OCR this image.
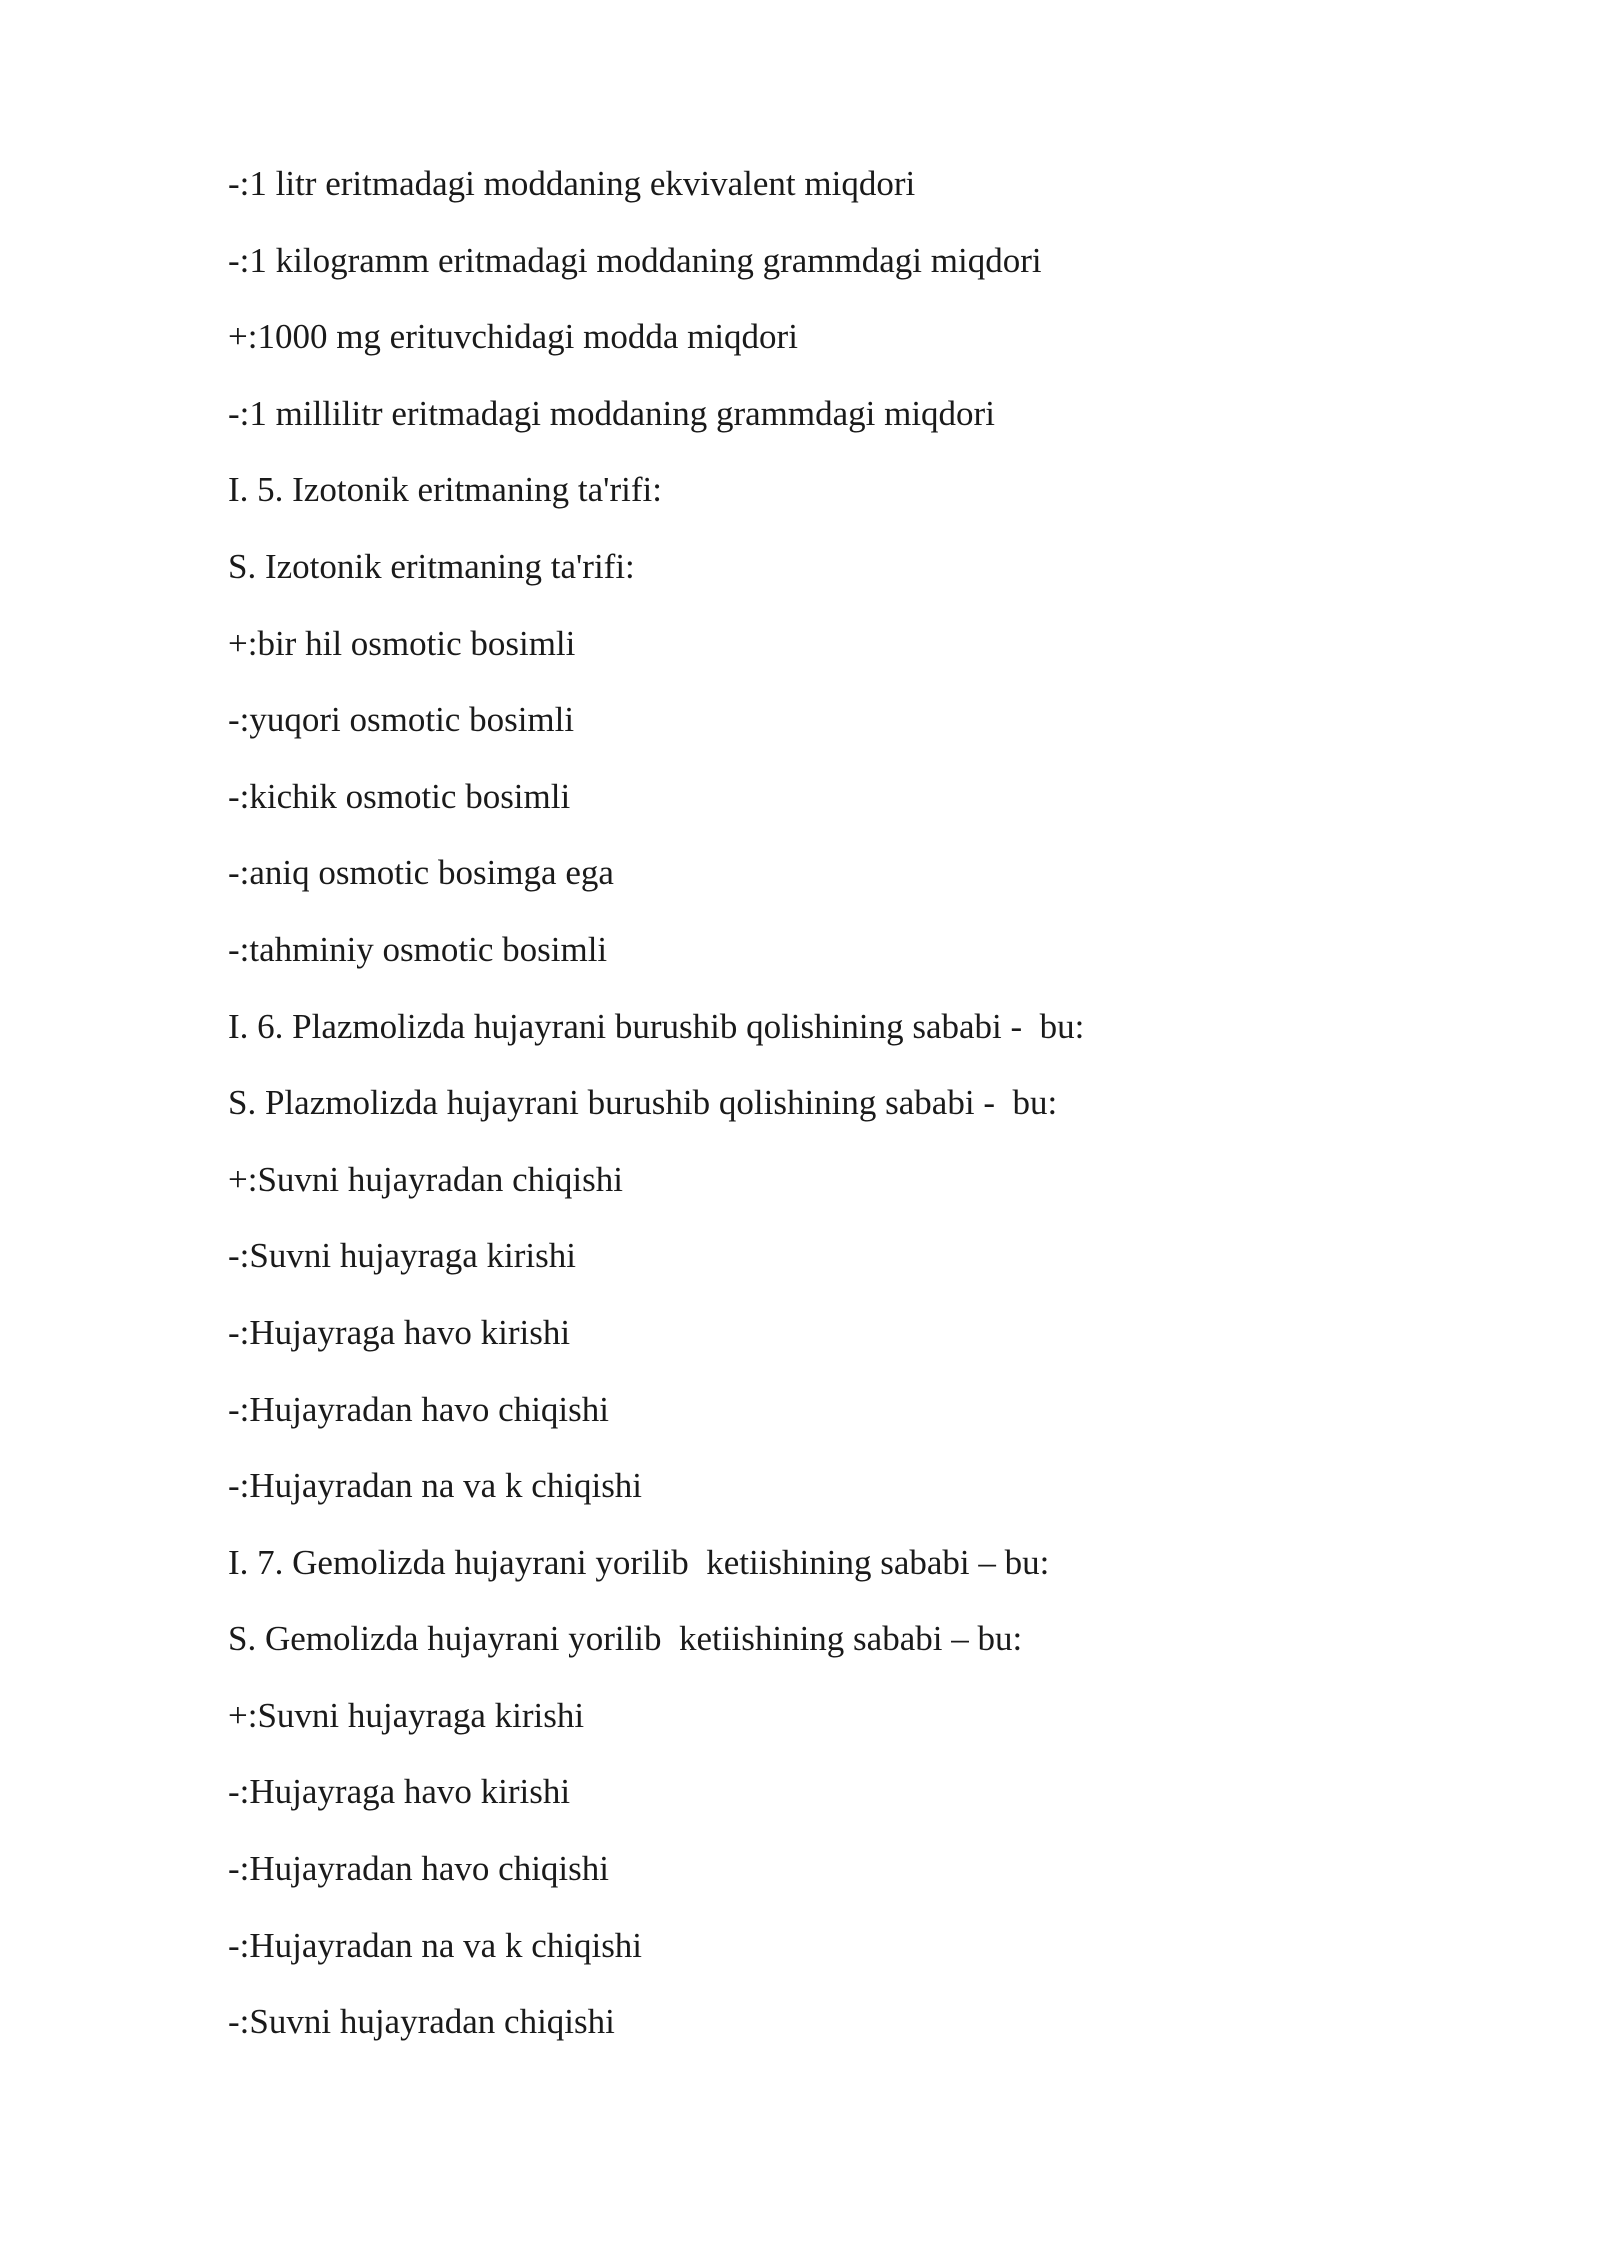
-:1 litr eritmadagi moddaning ekvivalent miqdori

-:1 kilogramm eritmadagi moddaning grammdagi miqdori

+:1000 mg erituvchidagi modda miqdori

-:1 millilitr eritmadagi moddaning grammdagi miqdori

I. 5. Izotonik eritmaning ta'rifi:

S. Izotonik eritmaning ta'rifi:

+:bir hil osmotic bosimli

-:yuqori osmotic bosimli

-:kichik osmotic bosimli

-:aniq osmotic bosimga ega

-:tahminiy osmotic bosimli

I. 6. Plazmolizda hujayrani burushib qolishining sababi -  bu:

S. Plazmolizda hujayrani burushib qolishining sababi -  bu:

+:Suvni hujayradan chiqishi

-:Suvni hujayraga kirishi

-:Hujayraga havo kirishi

-:Hujayradan havo chiqishi

-:Hujayradan na va k chiqishi

I. 7. Gemolizda hujayrani yorilib  ketiishining sababi – bu:

S. Gemolizda hujayrani yorilib  ketiishining sababi – bu:

+:Suvni hujayraga kirishi

-:Hujayraga havo kirishi

-:Hujayradan havo chiqishi

-:Hujayradan na va k chiqishi

-:Suvni hujayradan chiqishi
